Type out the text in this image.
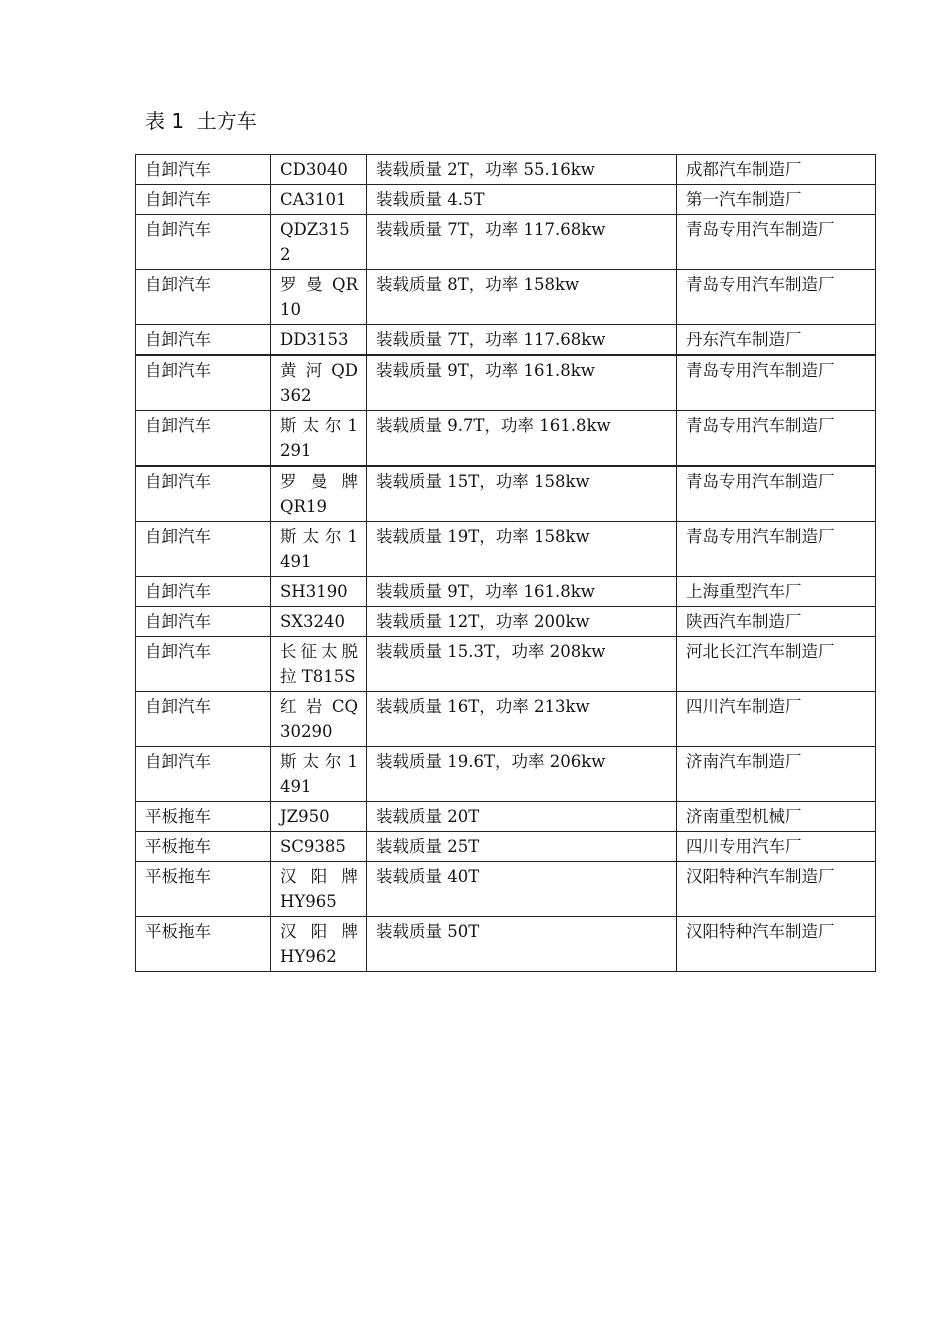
表 1  土方车
自卸汽车	CD3040	装载质量 2T，功率 55.16kw	成都汽车制造厂
自卸汽车	CA3101	装载质量 4.5T	第一汽车制造厂
自卸汽车	QDZ3152	装载质量 7T，功率 117.68kw	青岛专用汽车制造厂
自卸汽车	罗 曼 QR10	装载质量 8T，功率 158kw	青岛专用汽车制造厂
自卸汽车	DD3153	装载质量 7T，功率 117.68kw	丹东汽车制造厂
自卸汽车	黄 河 QD362	装载质量 9T，功率 161.8kw	青岛专用汽车制造厂
自卸汽车	斯 太 尔 1291	装载质量 9.7T，功率 161.8kw	青岛专用汽车制造厂
自卸汽车	罗 曼 牌 QR19	装载质量 15T，功率 158kw	青岛专用汽车制造厂
自卸汽车	斯 太 尔 1491	装载质量 19T，功率 158kw	青岛专用汽车制造厂
自卸汽车	SH3190	装载质量 9T，功率 161.8kw	上海重型汽车厂
自卸汽车	SX3240	装载质量 12T，功率 200kw	陕西汽车制造厂
自卸汽车	长征太脱拉 T815S	装载质量 15.3T，功率 208kw	河北长江汽车制造厂
自卸汽车	红 岩 CQ30290	装载质量 16T，功率 213kw	四川汽车制造厂
自卸汽车	斯 太 尔 1491	装载质量 19.6T，功率 206kw	济南汽车制造厂
平板拖车	JZ950	装载质量 20T	济南重型机械厂
平板拖车	SC9385	装载质量 25T	四川专用汽车厂
平板拖车	汉 阳 牌 HY965	装载质量 40T	汉阳特种汽车制造厂
平板拖车	汉 阳 牌 HY962	装载质量 50T	汉阳特种汽车制造厂
